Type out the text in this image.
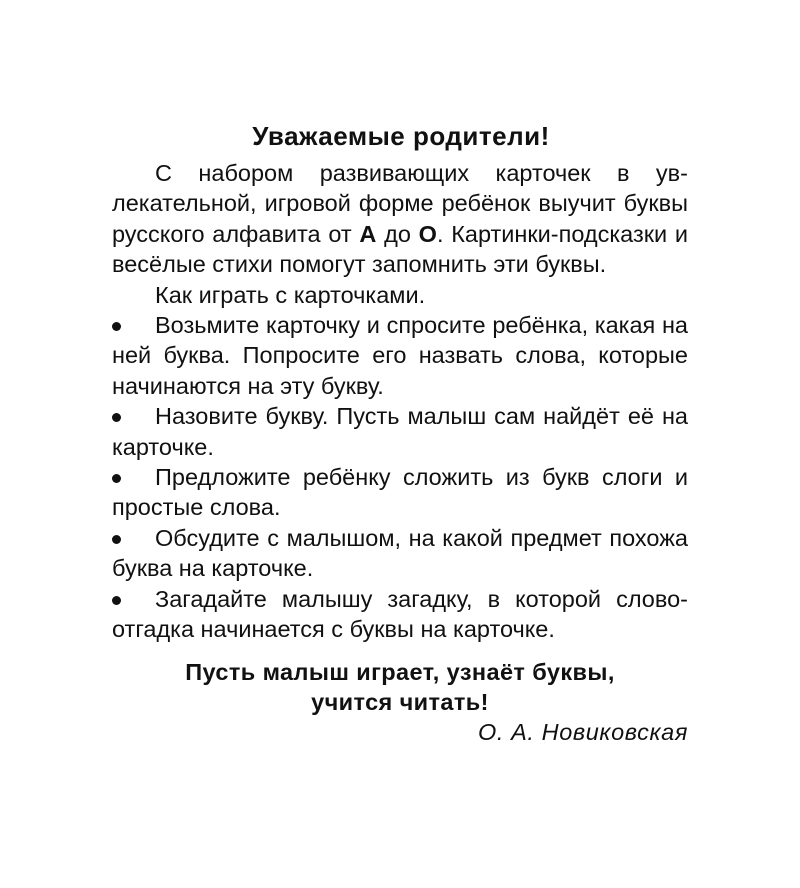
Уважаемые родители!

С набором развивающих карточек в увлекательной, игровой форме ребёнок выучит буквы русского алфавита от А до О. Картинки-подсказки и весёлые стихи помогут запомнить эти буквы.

Как играть с карточками.

Возьмите карточку и спросите ребёнка, какая на ней буква. Попросите его назвать слова, которые начинаются на эту букву.
Назовите букву. Пусть малыш сам найдёт её на карточке.
Предложите ребёнку сложить из букв слоги и простые слова.
Обсудите с малышом, на какой предмет похожа буква на карточке.
Загадайте малышу загадку, в которой слово-отгадка начинается с буквы на карточке.

Пусть малыш играет, узнаёт буквы,
учится читать!

О. А. Новиковская
